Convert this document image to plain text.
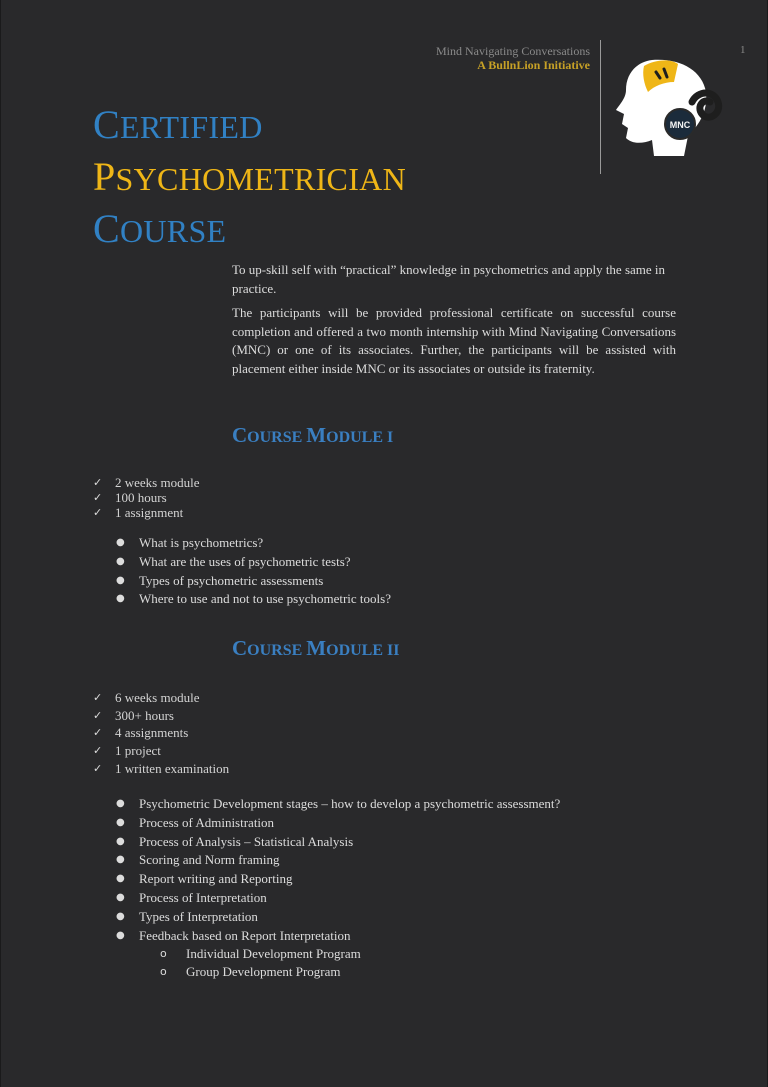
Mind Navigating Conversations
A BullnLion Initiative
1
MNC
CERTIFIED
PSYCHOMETRICIAN
COURSE
To up-skill self with “practical” knowledge in psychometrics and apply the same in practice.
The participants will be provided professional certificate on successful course completion and offered a two month internship with Mind Navigating Conversations (MNC) or one of its associates. Further, the participants will be assisted with placement either inside MNC or its associates or outside its fraternity.
COURSE MODULE I
✓ 2 weeks module
✓ 100 hours
✓ 1 assignment
●	What is psychometrics?
●	What are the uses of psychometric tests?
●	Types of psychometric assessments
●	Where to use and not to use psychometric tools?
COURSE MODULE II
✓ 6 weeks module
✓ 300+ hours
✓ 4 assignments
✓ 1 project
✓ 1 written examination
●	Psychometric Development stages – how to develop a psychometric assessment?
●	Process of Administration
●	Process of Analysis – Statistical Analysis
●	Scoring and Norm framing
●	Report writing and Reporting
●	Process of Interpretation
●	Types of Interpretation
●	Feedback based on Report Interpretation
o	Individual Development Program
o	Group Development Program
